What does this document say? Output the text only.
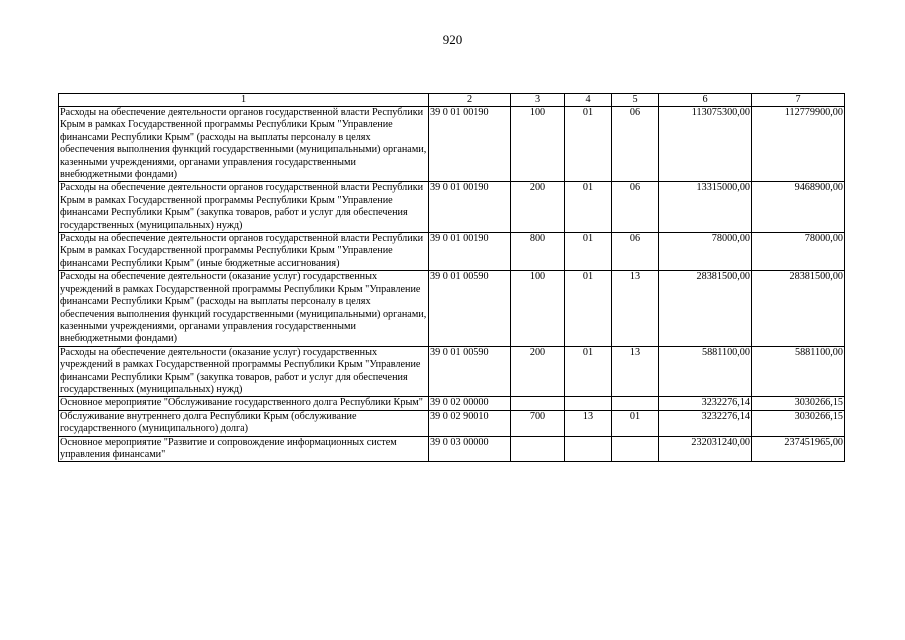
920
1	2	3	4	5	6	7
Расходы на обеспечение деятельности органов государственной власти Республики Крым в рамках Государственной программы Республики Крым "Управление финансами Республики Крым" (расходы на выплаты персоналу в целях обеспечения выполнения функций государственными (муниципальными) органами, казенными учреждениями, органами управления государственными внебюджетными фондами)	39 0 01 00190	100	01	06	113075300,00	112779900,00
Расходы на обеспечение деятельности органов государственной власти Республики Крым в рамках Государственной программы Республики Крым "Управление финансами Республики Крым" (закупка товаров, работ и услуг для обеспечения государственных (муниципальных) нужд)	39 0 01 00190	200	01	06	13315000,00	9468900,00
Расходы на обеспечение деятельности органов государственной власти Республики Крым в рамках Государственной программы Республики Крым "Управление финансами Республики Крым" (иные бюджетные ассигнования)	39 0 01 00190	800	01	06	78000,00	78000,00
Расходы на обеспечение деятельности (оказание услуг) государственных учреждений в рамках Государственной программы Республики Крым "Управление финансами Республики Крым" (расходы на выплаты персоналу в целях обеспечения выполнения функций государственными (муниципальными) органами, казенными учреждениями, органами управления государственными внебюджетными фондами)	39 0 01 00590	100	01	13	28381500,00	28381500,00
Расходы на обеспечение деятельности (оказание услуг) государственных учреждений в рамках Государственной программы Республики Крым "Управление финансами Республики Крым" (закупка товаров, работ и услуг для обеспечения государственных (муниципальных) нужд)	39 0 01 00590	200	01	13	5881100,00	5881100,00
Основное мероприятие "Обслуживание государственного долга Республики Крым"	39 0 02 00000				3232276,14	3030266,15
Обслуживание внутреннего долга Республики Крым (обслуживание государственного (муниципального) долга)	39 0 02 90010	700	13	01	3232276,14	3030266,15
Основное мероприятие "Развитие и сопровождение информационных систем управления финансами"	39 0 03 00000				232031240,00	237451965,00
